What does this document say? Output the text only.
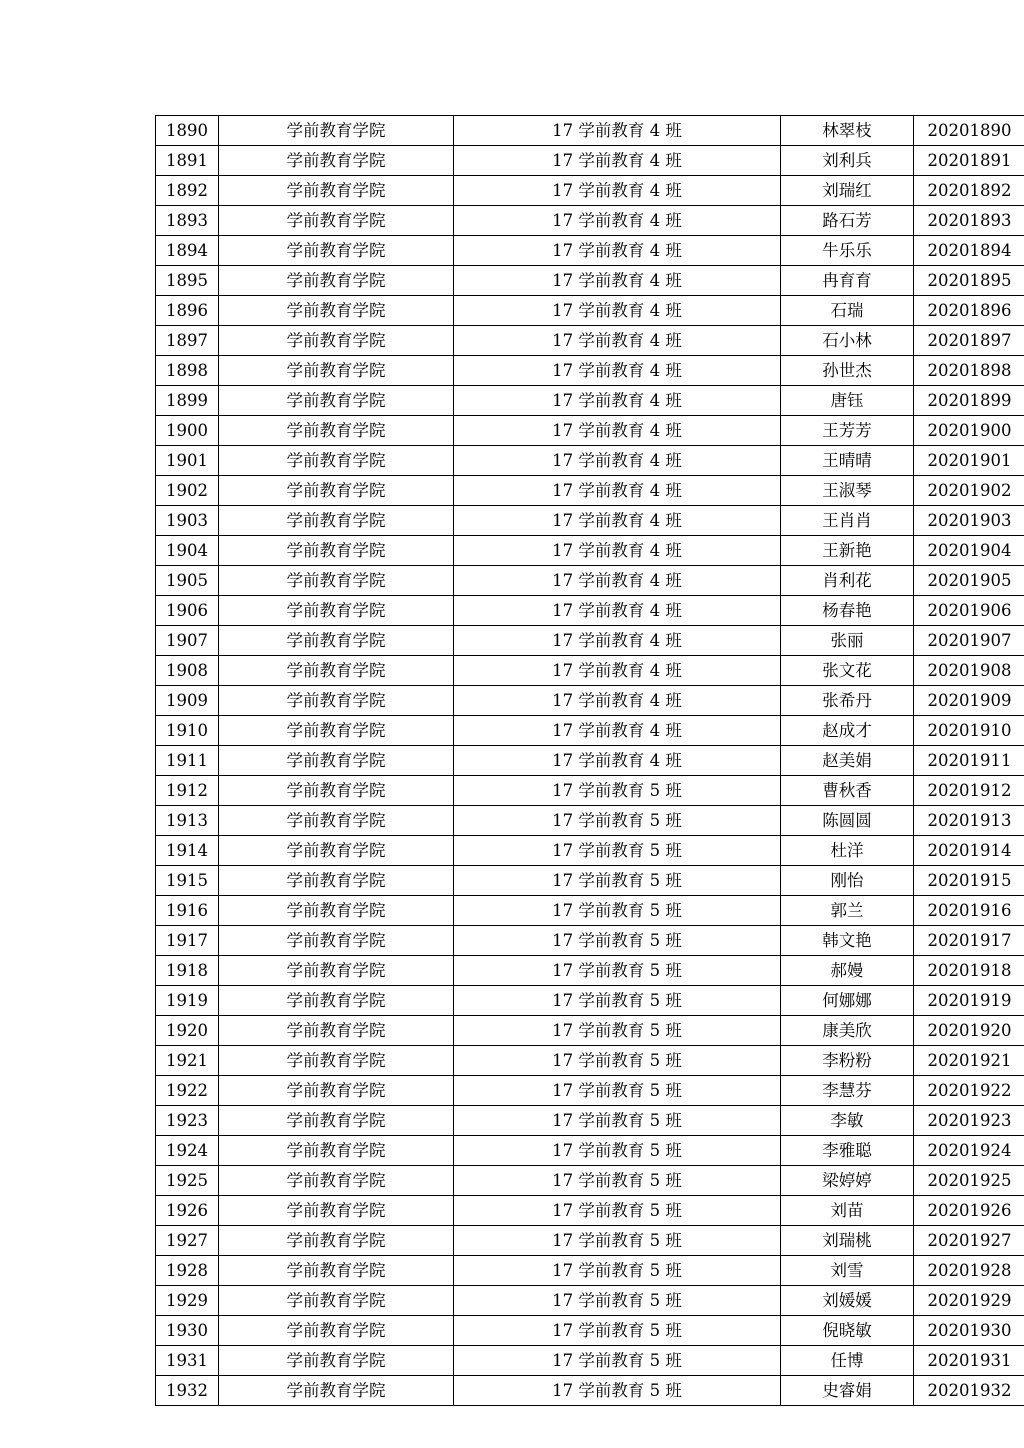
1890	学前教育学院	17 学前教育 4 班	林翠枝	20201890
1891	学前教育学院	17 学前教育 4 班	刘利兵	20201891
1892	学前教育学院	17 学前教育 4 班	刘瑞红	20201892
1893	学前教育学院	17 学前教育 4 班	路石芳	20201893
1894	学前教育学院	17 学前教育 4 班	牛乐乐	20201894
1895	学前教育学院	17 学前教育 4 班	冉育育	20201895
1896	学前教育学院	17 学前教育 4 班	石瑞	20201896
1897	学前教育学院	17 学前教育 4 班	石小林	20201897
1898	学前教育学院	17 学前教育 4 班	孙世杰	20201898
1899	学前教育学院	17 学前教育 4 班	唐钰	20201899
1900	学前教育学院	17 学前教育 4 班	王芳芳	20201900
1901	学前教育学院	17 学前教育 4 班	王晴晴	20201901
1902	学前教育学院	17 学前教育 4 班	王淑琴	20201902
1903	学前教育学院	17 学前教育 4 班	王肖肖	20201903
1904	学前教育学院	17 学前教育 4 班	王新艳	20201904
1905	学前教育学院	17 学前教育 4 班	肖利花	20201905
1906	学前教育学院	17 学前教育 4 班	杨春艳	20201906
1907	学前教育学院	17 学前教育 4 班	张丽	20201907
1908	学前教育学院	17 学前教育 4 班	张文花	20201908
1909	学前教育学院	17 学前教育 4 班	张希丹	20201909
1910	学前教育学院	17 学前教育 4 班	赵成才	20201910
1911	学前教育学院	17 学前教育 4 班	赵美娟	20201911
1912	学前教育学院	17 学前教育 5 班	曹秋香	20201912
1913	学前教育学院	17 学前教育 5 班	陈圆圆	20201913
1914	学前教育学院	17 学前教育 5 班	杜洋	20201914
1915	学前教育学院	17 学前教育 5 班	刚怡	20201915
1916	学前教育学院	17 学前教育 5 班	郭兰	20201916
1917	学前教育学院	17 学前教育 5 班	韩文艳	20201917
1918	学前教育学院	17 学前教育 5 班	郝嫚	20201918
1919	学前教育学院	17 学前教育 5 班	何娜娜	20201919
1920	学前教育学院	17 学前教育 5 班	康美欣	20201920
1921	学前教育学院	17 学前教育 5 班	李粉粉	20201921
1922	学前教育学院	17 学前教育 5 班	李慧芬	20201922
1923	学前教育学院	17 学前教育 5 班	李敏	20201923
1924	学前教育学院	17 学前教育 5 班	李雅聪	20201924
1925	学前教育学院	17 学前教育 5 班	梁婷婷	20201925
1926	学前教育学院	17 学前教育 5 班	刘苗	20201926
1927	学前教育学院	17 学前教育 5 班	刘瑞桃	20201927
1928	学前教育学院	17 学前教育 5 班	刘雪	20201928
1929	学前教育学院	17 学前教育 5 班	刘媛媛	20201929
1930	学前教育学院	17 学前教育 5 班	倪晓敏	20201930
1931	学前教育学院	17 学前教育 5 班	任博	20201931
1932	学前教育学院	17 学前教育 5 班	史睿娟	20201932
